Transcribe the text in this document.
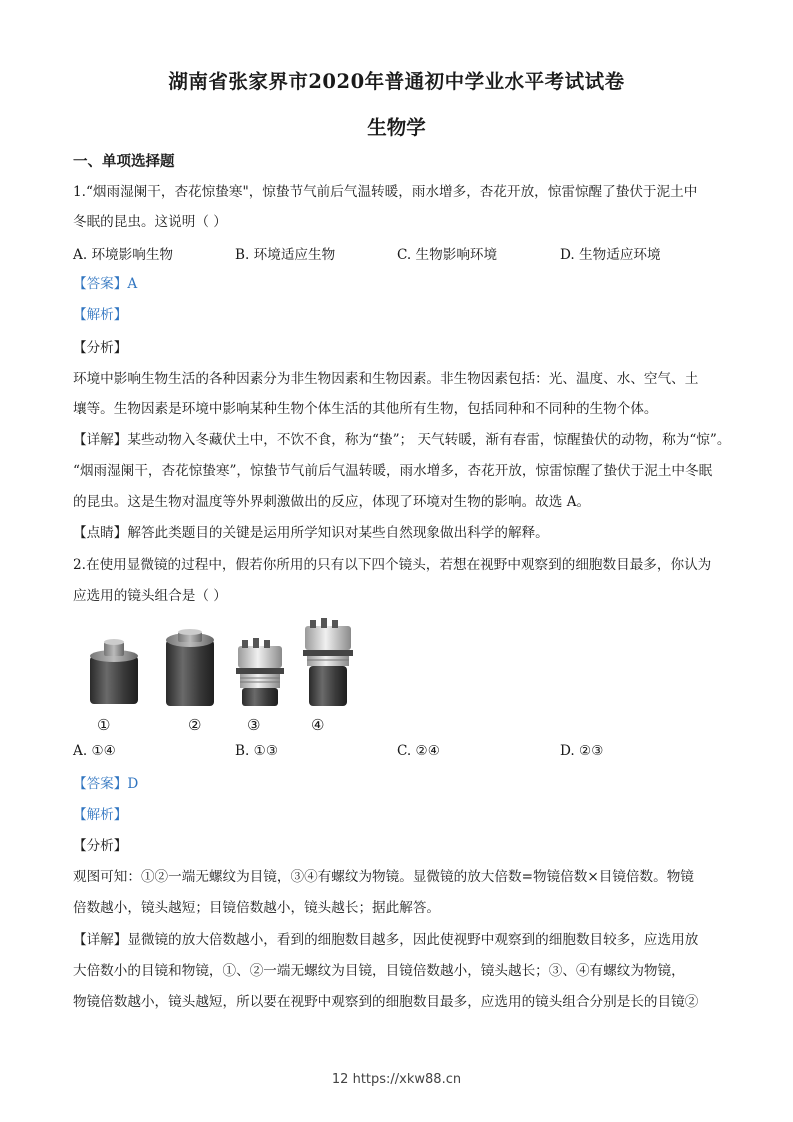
湖南省张家界市2020年普通初中学业水平考试试卷
生物学
一、单项选择题
1.“烟雨湿阑干，杏花惊蛰寒"，惊蛰节气前后气温转暖，雨水增多，杏花开放，惊雷惊醒了蛰伏于泥土中
冬眠的昆虫。这说明（ ）
A. 环境影响生物	B. 环境适应生物	C. 生物影响环境	D. 生物适应环境
【答案】A
【解析】
【分析】
环境中影响生物生活的各种因素分为非生物因素和生物因素。非生物因素包括：光、温度、水、空气、土
壤等。生物因素是环境中影响某种生物个体生活的其他所有生物，包括同种和不同种的生物个体。
【详解】某些动物入冬藏伏土中，不饮不食，称为“蛰”； 天气转暖，渐有春雷，惊醒蛰伏的动物，称为“惊”。
“烟雨湿阑干，杏花惊蛰寒”，惊蛰节气前后气温转暖，雨水增多，杏花开放，惊雷惊醒了蛰伏于泥土中冬眠
的昆虫。这是生物对温度等外界刺激做出的反应，体现了环境对生物的影响。故选 A。
【点睛】解答此类题目的关键是运用所学知识对某些自然现象做出科学的解释。
2.在使用显微镜的过程中，假若你所用的只有以下四个镜头，若想在视野中观察到的细胞数目最多，你认为
应选用的镜头组合是（ ）
①	②	③	④
A. ①④	B. ①③	C. ②④	D. ②③
【答案】D
【解析】
【分析】
观图可知：①②一端无螺纹为目镜，③④有螺纹为物镜。显微镜的放大倍数=物镜倍数×目镜倍数。物镜
倍数越小，镜头越短；目镜倍数越小，镜头越长；据此解答。
【详解】显微镜的放大倍数越小，看到的细胞数目越多，因此使视野中观察到的细胞数目较多，应选用放
大倍数小的目镜和物镜，①、②一端无螺纹为目镜，目镜倍数越小，镜头越长；③、④有螺纹为物镜，
物镜倍数越小，镜头越短，所以要在视野中观察到的细胞数目最多，应选用的镜头组合分别是长的目镜②
12 https://xkw88.cn
